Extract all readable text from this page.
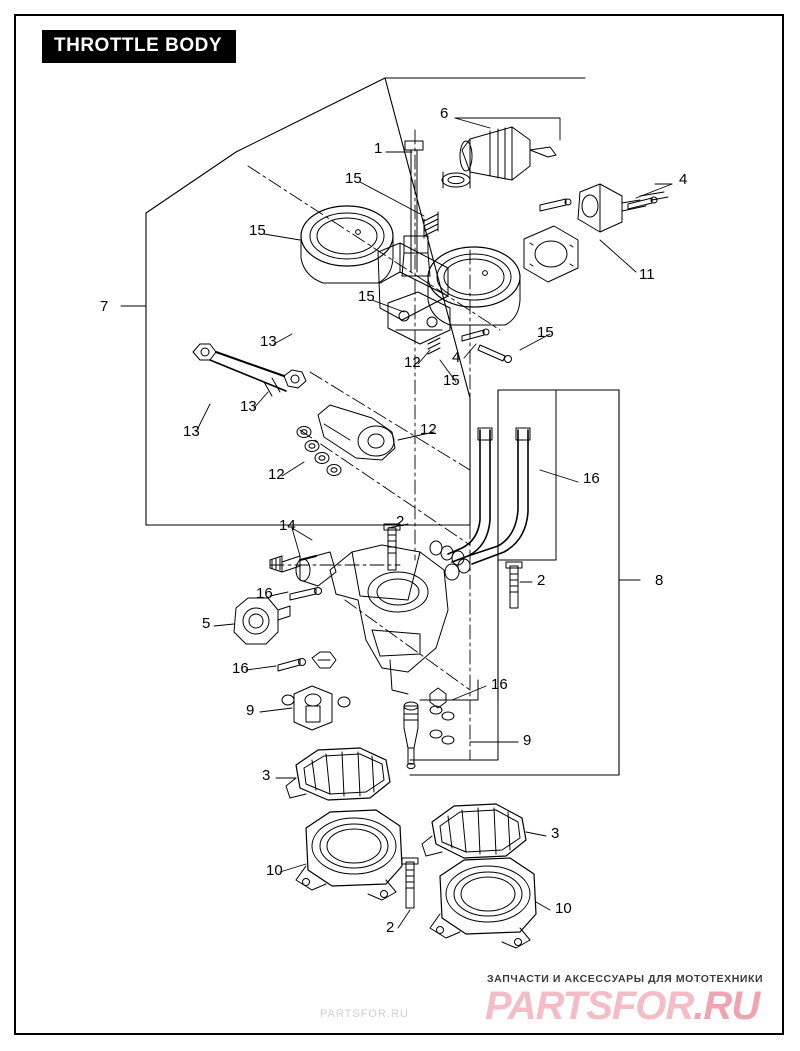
THROTTLE BODY
6
1
4
15
15
11
7
15
13
15
12 4
15
13
13	12
12	16
14	2
2	8
16
5
16
16
9
9
3
3
10
2
10
ЗАПЧАСТИ И АКСЕССУАРЫ ДЛЯ МОТОТЕХНИКИ
PARTSFOR.RU
PARTSFOR.RU
